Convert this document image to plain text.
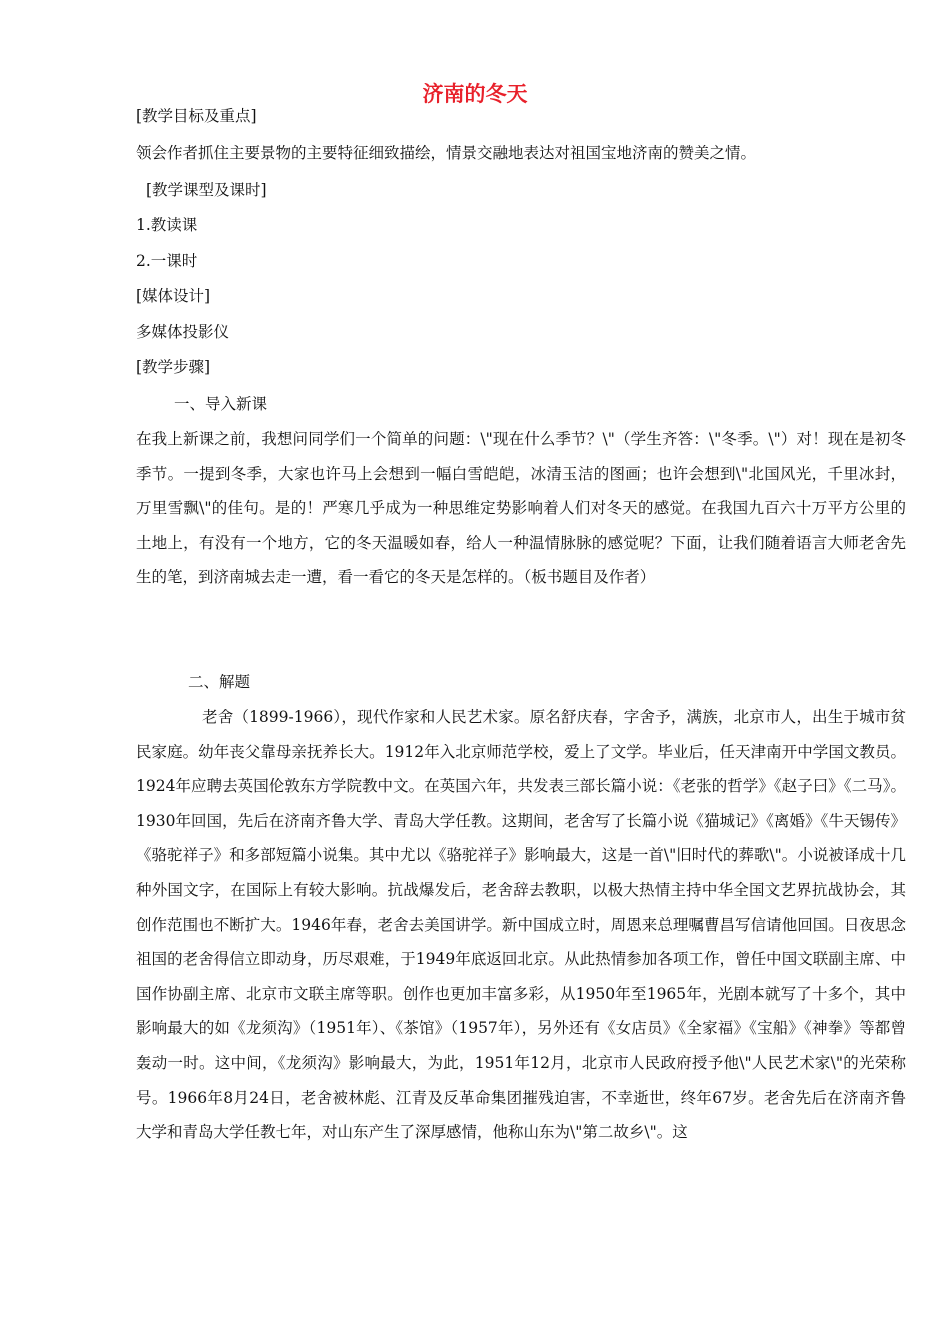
济南的冬天
[教学目标及重点]
领会作者抓住主要景物的主要特征细致描绘，情景交融地表达对祖国宝地济南的赞美之情。
[教学课型及课时]
1.教读课
2.一课时
[媒体设计]
多媒体投影仪
[教学步骤]
一、导入新课
在我上新课之前，我想问同学们一个简单的问题：\"现在什么季节？\"（学生齐答：\"冬季。\"）对！现在是初冬季节。一提到冬季，大家也许马上会想到一幅白雪皑皑，冰清玉洁的图画；也许会想到\"北国风光，千里冰封，万里雪飘\"的佳句。是的！严寒几乎成为一种思维定势影响着人们对冬天的感觉。在我国九百六十万平方公里的土地上，有没有一个地方，它的冬天温暖如春，给人一种温情脉脉的感觉呢？下面，让我们随着语言大师老舍先生的笔，到济南城去走一遭，看一看它的冬天是怎样的。（板书题目及作者）
二、解题
老舍（1899-1966），现代作家和人民艺术家。原名舒庆春，字舍予，满族，北京市人，出生于城市贫民家庭。幼年丧父靠母亲抚养长大。1912年入北京师范学校，爱上了文学。毕业后，任天津南开中学国文教员。1924年应聘去英国伦敦东方学院教中文。在英国六年，共发表三部长篇小说：《老张的哲学》《赵子曰》《二马》。1930年回国，先后在济南齐鲁大学、青岛大学任教。这期间，老舍写了长篇小说《猫城记》《离婚》《牛天锡传》《骆驼祥子》和多部短篇小说集。其中尤以《骆驼祥子》影响最大，这是一首\"旧时代的葬歌\"。小说被译成十几种外国文字，在国际上有较大影响。抗战爆发后，老舍辞去教职，以极大热情主持中华全国文艺界抗战协会，其创作范围也不断扩大。1946年春，老舍去美国讲学。新中国成立时，周恩来总理嘱曹昌写信请他回国。日夜思念祖国的老舍得信立即动身，历尽艰难，于1949年底返回北京。从此热情参加各项工作，曾任中国文联副主席、中国作协副主席、北京市文联主席等职。创作也更加丰富多彩，从1950年至1965年，光剧本就写了十多个，其中影响最大的如《龙须沟》（1951年）、《茶馆》（1957年），另外还有《女店员》《全家福》《宝船》《神拳》等都曾轰动一时。这中间，《龙须沟》影响最大，为此，1951年12月，北京市人民政府授予他\"人民艺术家\"的光荣称号。1966年8月24日，老舍被林彪、江青及反革命集团摧残迫害，不幸逝世，终年67岁。老舍先后在济南齐鲁大学和青岛大学任教七年，对山东产生了深厚感情，他称山东为\"第二故乡\"。这
